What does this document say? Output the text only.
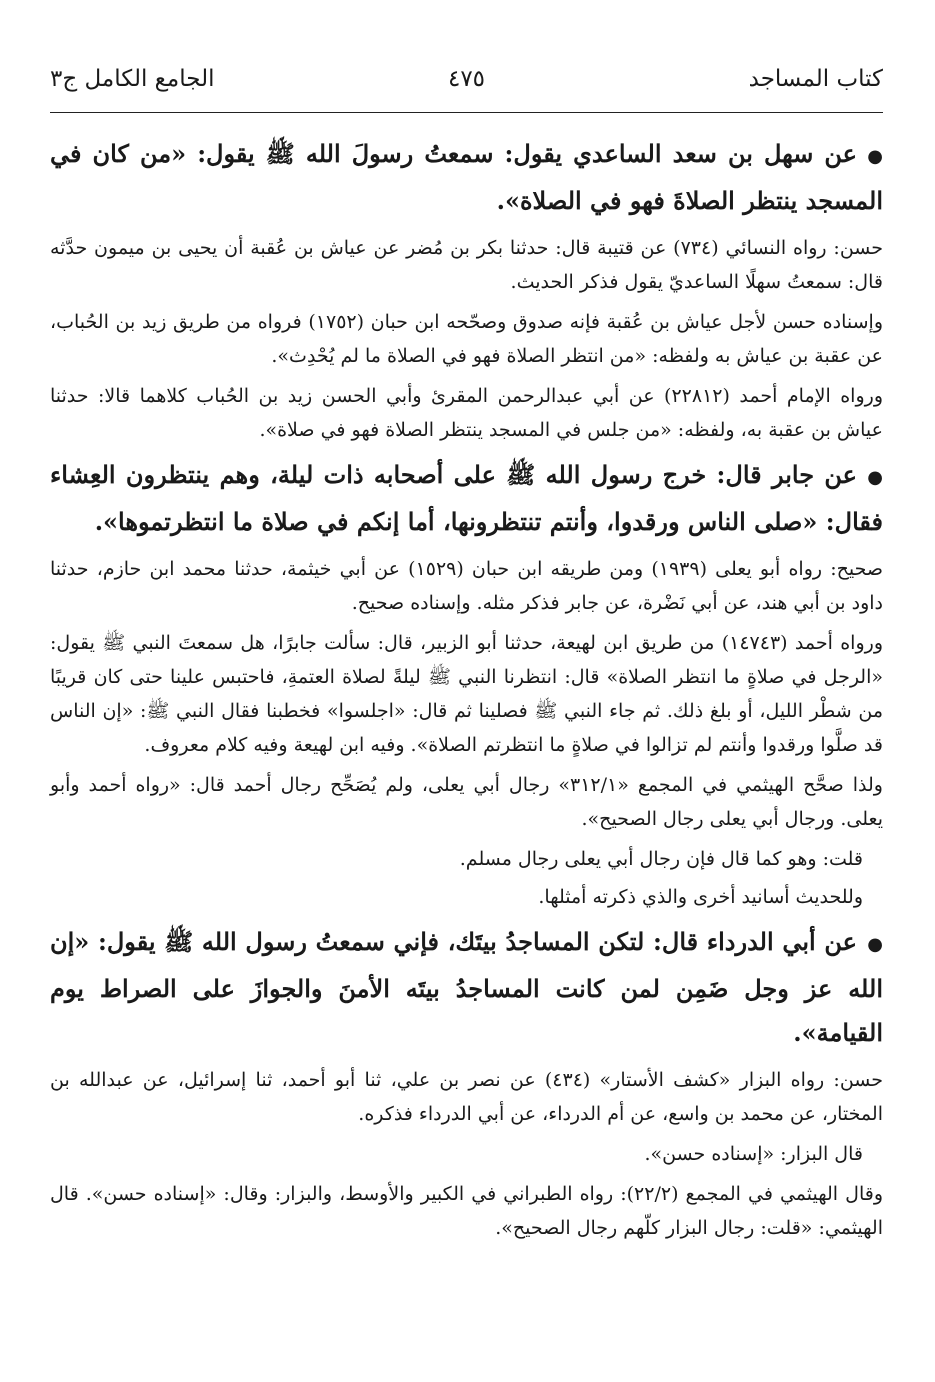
كتاب المساجد
٤٧٥
الجامع الكامل ج٣

●عن سهل بن سعد الساعدي يقول: سمعتُ رسولَ الله ﷺ يقول: «من كان في المسجد ينتظر الصلاةَ فهو في الصلاة».

حسن: رواه النسائي (٧٣٤) عن قتيبة قال: حدثنا بكر بن مُضر عن عياش بن عُقبة أن يحيى بن ميمون حدَّثه قال: سمعتُ سهلًا الساعديّ يقول فذكر الحديث.

وإسناده حسن لأجل عياش بن عُقبة فإنه صدوق وصحّحه ابن حبان (١٧٥٢) فرواه من طريق زيد بن الحُباب، عن عقبة بن عياش به ولفظه: «من انتظر الصلاة فهو في الصلاة ما لم يُحْدِث».

ورواه الإمام أحمد (٢٢٨١٢) عن أبي عبدالرحمن المقرئ وأبي الحسن زيد بن الحُباب كلاهما قالا: حدثنا عياش بن عقبة به، ولفظه: «من جلس في المسجد ينتظر الصلاة فهو في صلاة».

●عن جابر قال: خرج رسول الله ﷺ على أصحابه ذات ليلة، وهم ينتظرون العِشاء فقال: «صلى الناس ورقدوا، وأنتم تنتظرونها، أما إنكم في صلاة ما انتظرتموها».

صحيح: رواه أبو يعلى (١٩٣٩) ومن طريقه ابن حبان (١٥٢٩) عن أبي خيثمة، حدثنا محمد ابن حازم، حدثنا داود بن أبي هند، عن أبي نَضْرة، عن جابر فذكر مثله. وإسناده صحيح.

ورواه أحمد (١٤٧٤٣) من طريق ابن لهيعة، حدثنا أبو الزبير، قال: سألت جابرًا، هل سمعتَ النبي ﷺ يقول: «الرجل في صلاةٍ ما انتظر الصلاة» قال: انتظرنا النبي ﷺ ليلةً لصلاة العتمةِ، فاحتبس علينا حتى كان قريبًا من شطْر الليل، أو بلغ ذلك. ثم جاء النبي ﷺ فصلينا ثم قال: «اجلسوا» فخطبنا فقال النبي ﷺ: «إن الناس قد صلَّوا ورقدوا وأنتم لم تزالوا في صلاةٍ ما انتظرتم الصلاة». وفيه ابن لهيعة وفيه كلام معروف.

ولذا صحَّح الهيثمي في المجمع «٣١٢/١» رجال أبي يعلى، ولم يُصَحِّح رجال أحمد قال: «رواه أحمد وأبو يعلى. ورجال أبي يعلى رجال الصحيح».

قلت: وهو كما قال فإن رجال أبي يعلى رجال مسلم.

وللحديث أسانيد أخرى والذي ذكرته أمثلها.

●عن أبي الدرداء قال: لتكن المساجدُ بيتَك، فإني سمعتُ رسول الله ﷺ يقول: «إن الله عز وجل ضَمِن لمن كانت المساجدُ بيتَه الأمنَ والجوازَ على الصراط يوم القيامة».

حسن: رواه البزار «كشف الأستار» (٤٣٤) عن نصر بن علي، ثنا أبو أحمد، ثنا إسرائيل، عن عبدالله بن المختار، عن محمد بن واسع، عن أم الدرداء، عن أبي الدرداء فذكره.

قال البزار: «إسناده حسن».

وقال الهيثمي في المجمع (٢٢/٢): رواه الطبراني في الكبير والأوسط، والبزار: وقال: «إسناده حسن». قال الهيثمي: «قلت: رجال البزار كلّهم رجال الصحيح».
